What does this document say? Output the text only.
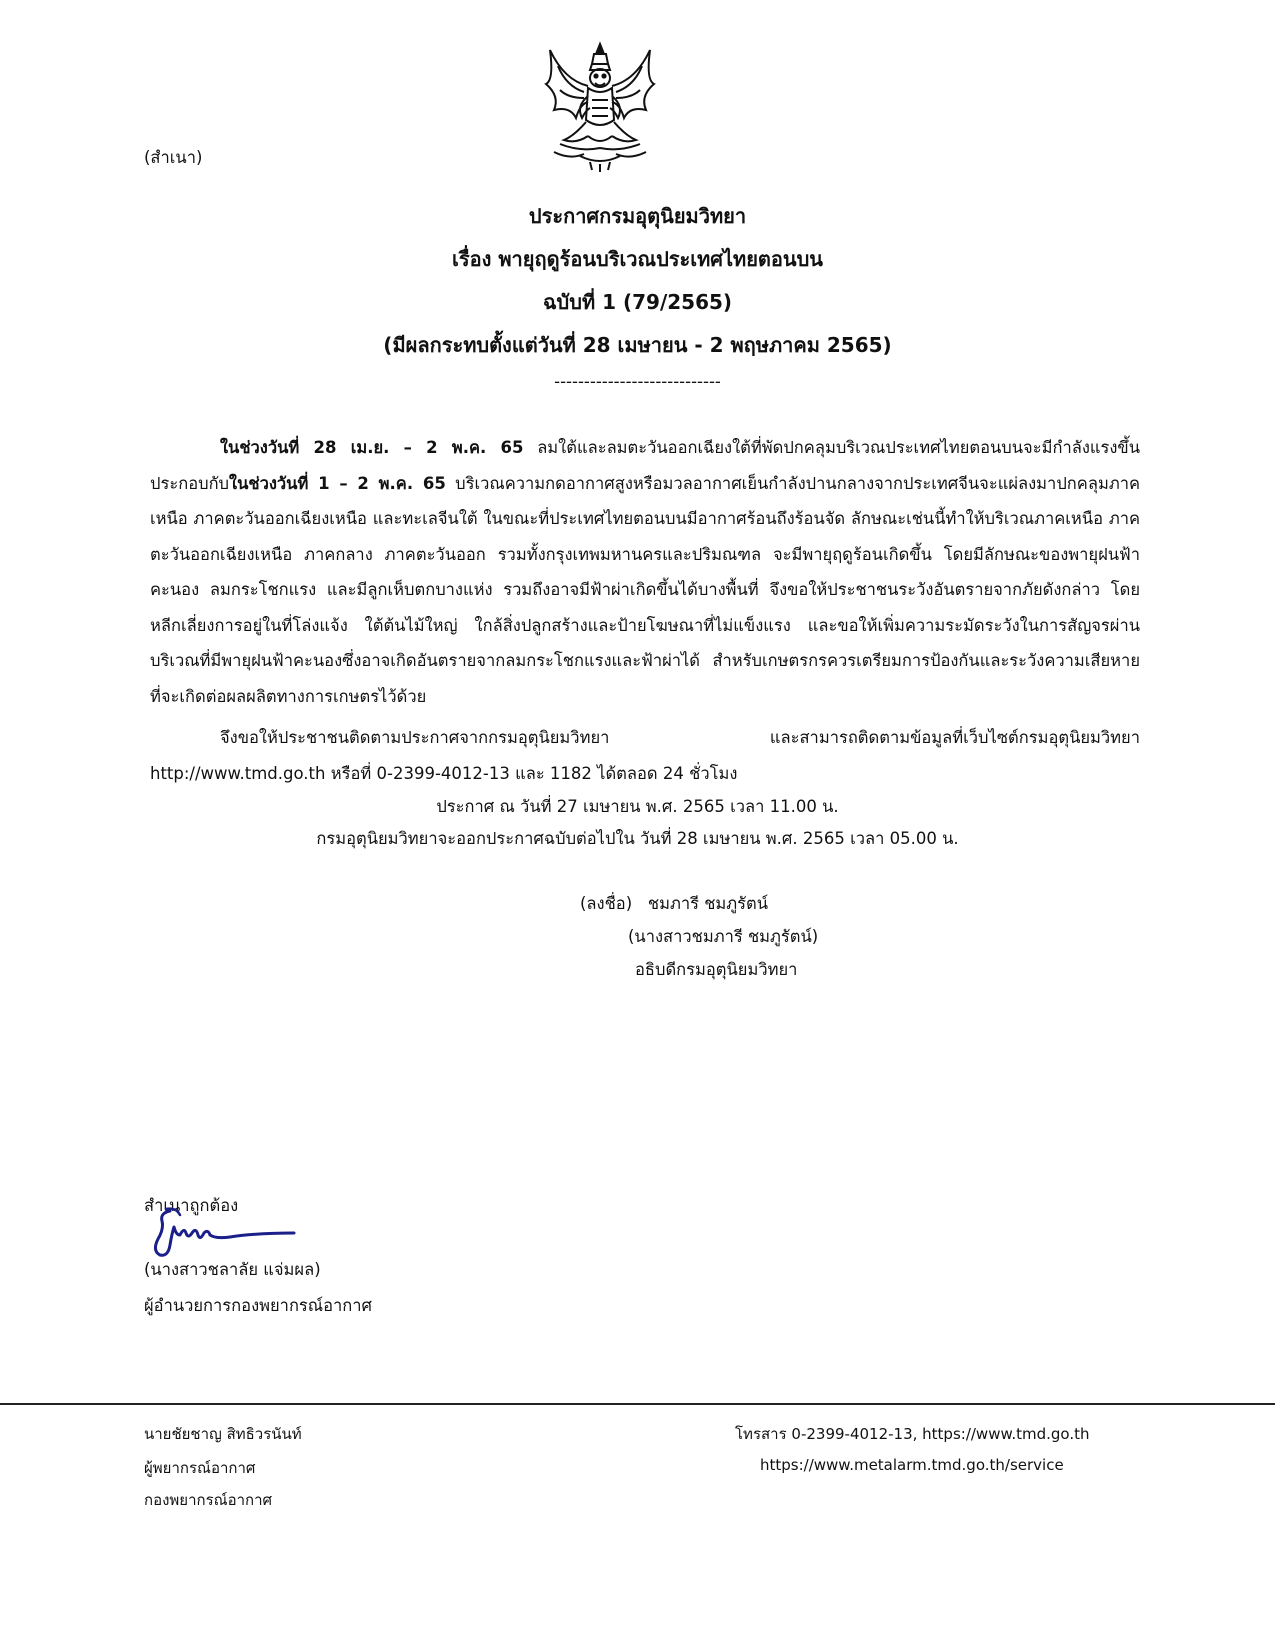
(สำเนา)
ประกาศกรมอุตุนิยมวิทยา
เรื่อง พายุฤดูร้อนบริเวณประเทศไทยตอนบน
ฉบับที่ 1 (79/2565)
(มีผลกระทบตั้งแต่วันที่ 28 เมษายน - 2 พฤษภาคม 2565)
----------------------------

ในช่วงวันที่ 28 เม.ย. – 2 พ.ค. 65 ลมใต้และลมตะวันออกเฉียงใต้ที่พัดปกคลุมบริเวณประเทศไทยตอนบนจะมีกำลังแรงขึ้น ประกอบกับในช่วงวันที่ 1 – 2 พ.ค. 65 บริเวณความกดอากาศสูงหรือมวลอากาศเย็นกำลังปานกลางจากประเทศจีนจะแผ่ลงมาปกคลุมภาคเหนือ ภาคตะวันออกเฉียงเหนือ และทะเลจีนใต้ ในขณะที่ประเทศไทยตอนบนมีอากาศร้อนถึงร้อนจัด ลักษณะเช่นนี้ทำให้บริเวณภาคเหนือ ภาคตะวันออกเฉียงเหนือ ภาคกลาง ภาคตะวันออก รวมทั้งกรุงเทพมหานครและปริมณฑล จะมีพายุฤดูร้อนเกิดขึ้น โดยมีลักษณะของพายุฝนฟ้าคะนอง ลมกระโชกแรง และมีลูกเห็บตกบางแห่ง รวมถึงอาจมีฟ้าผ่าเกิดขึ้นได้บางพื้นที่ จึงขอให้ประชาชนระวังอันตรายจากภัยดังกล่าว โดยหลีกเลี่ยงการอยู่ในที่โล่งแจ้ง ใต้ต้นไม้ใหญ่ ใกล้สิ่งปลูกสร้างและป้ายโฆษณาที่ไม่แข็งแรง และขอให้เพิ่มความระมัดระวังในการสัญจรผ่านบริเวณที่มีพายุฝนฟ้าคะนองซึ่งอาจเกิดอันตรายจากลมกระโชกแรงและฟ้าผ่าได้ สำหรับเกษตรกรควรเตรียมการป้องกันและระวังความเสียหายที่จะเกิดต่อผลผลิตทางการเกษตรไว้ด้วย

จึงขอให้ประชาชนติดตามประกาศจากกรมอุตุนิยมวิทยา และสามารถติดตามข้อมูลที่เว็บไซต์กรมอุตุนิยมวิทยา http://www.tmd.go.th หรือที่ 0-2399-4012-13 และ 1182 ได้ตลอด 24 ชั่วโมง

ประกาศ ณ วันที่ 27 เมษายน พ.ศ. 2565 เวลา 11.00 น.
กรมอุตุนิยมวิทยาจะออกประกาศฉบับต่อไปใน วันที่ 28 เมษายน พ.ศ. 2565 เวลา 05.00 น.
(ลงชื่อ) ชมภารี ชมภูรัตน์
(นางสาวชมภารี ชมภูรัตน์)
อธิบดีกรมอุตุนิยมวิทยา
สำเนาถูกต้อง
(นางสาวชลาลัย แจ่มผล)
ผู้อำนวยการกองพยากรณ์อากาศ
นายชัยชาญ สิทธิวรนันท์
ผู้พยากรณ์อากาศ
กองพยากรณ์อากาศ
โทรสาร 0-2399-4012-13, https://www.tmd.go.th
https://www.metalarm.tmd.go.th/service
